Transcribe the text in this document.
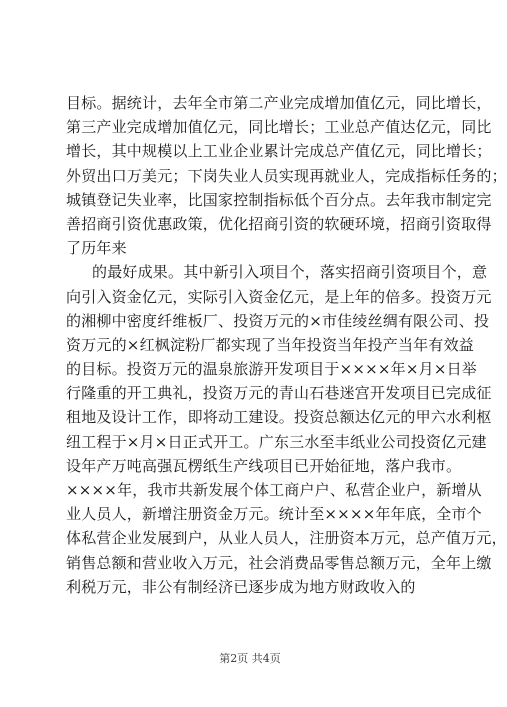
目标。据统计，去年全市第二产业完成增加值亿元，同比增长，
第三产业完成增加值亿元，同比增长；工业总产值达亿元，同比
增长，其中规模以上工业企业累计完成总产值亿元，同比增长；
外贸出口万美元；下岗失业人员实现再就业人，完成指标任务的；
城镇登记失业率，比国家控制指标低个百分点。去年我市制定完
善招商引资优惠政策，优化招商引资的软硬环境，招商引资取得
了历年来
的最好成果。其中新引入项目个，落实招商引资项目个，意
向引入资金亿元，实际引入资金亿元，是上年的倍多。投资万元
的湘柳中密度纤维板厂、投资万元的×市佳绫丝绸有限公司、投
资万元的×红枫淀粉厂都实现了当年投资当年投产当年有效益
的目标。投资万元的温泉旅游开发项目于××××年×月×日举
行隆重的开工典礼，投资万元的青山石巷迷宫开发项目已完成征
租地及设计工作，即将动工建设。投资总额达亿元的甲六水利枢
纽工程于×月×日正式开工。广东三水至丰纸业公司投资亿元建
设年产万吨高强瓦楞纸生产线项目已开始征地，落户我市。
××××年，我市共新发展个体工商户户、私营企业户，新增从
业人员人，新增注册资金万元。统计至××××年年底，全市个
体私营企业发展到户，从业人员人，注册资本万元，总产值万元，
销售总额和营业收入万元，社会消费品零售总额万元，全年上缴
利税万元，非公有制经济已逐步成为地方财政收入的
第2页 共4页
